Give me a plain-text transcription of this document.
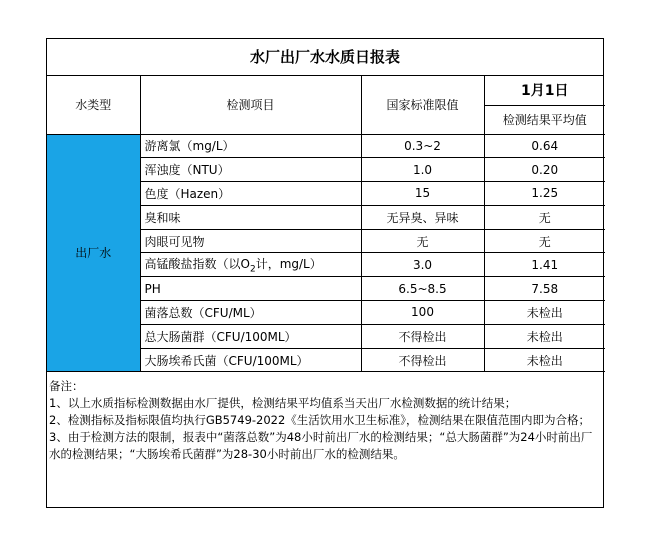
水厂出厂水水质日报表
水类型	检测项目	国家标准限值	1月1日
			检测结果平均值
出厂水	游离氯（mg/L）	0.3~2	0.64
	浑浊度（NTU）	1.0	0.20
	色度（Hazen）	15	1.25
	臭和味	无异臭、异味	无
	肉眼可见物	无	无
	高锰酸盐指数（以$O_2$计，mg/L）	3.0	1.41
	PH	6.5~8.5	7.58
	菌落总数（CFU/ML）	100	未检出
	总大肠菌群（CFU/100ML）	不得检出	未检出
	大肠埃希氏菌（CFU/100ML）	不得检出	未检出
备注：
1、以上水质指标检测数据由水厂提供，检测结果平均值系当天出厂水检测数据的统计结果；
2、检测指标及指标限值均执行GB5749-2022《生活饮用水卫生标准》，检测结果在限值范围内即为合格；
3、由于检测方法的限制，报表中“菌落总数”为48小时前出厂水的检测结果；“总大肠菌群”为24小时前出厂水的检测结果；“大肠埃希氏菌群”为28-30小时前出厂水的检测结果。
